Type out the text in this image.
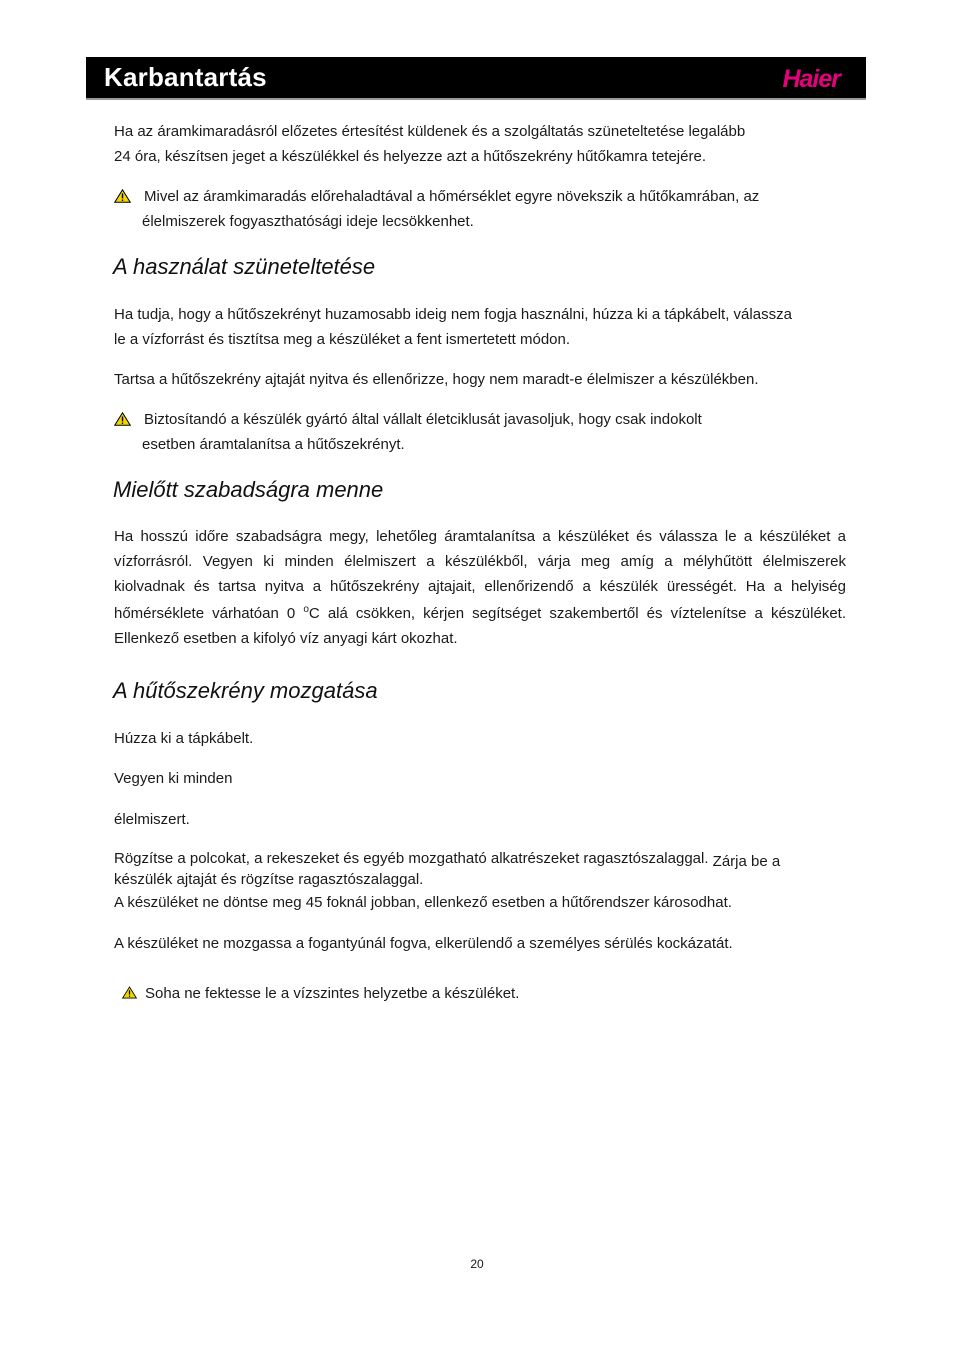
Karbantartás	Haier
Ha az áramkimaradásról előzetes értesítést küldenek és a szolgáltatás szüneteltetése legalább
24 óra, készítsen jeget a készülékkel és helyezze azt a hűtőszekrény hűtőkamra tetejére.
Mivel az áramkimaradás előrehaladtával a hőmérséklet egyre növekszik a hűtőkamrában, az
élelmiszerek fogyaszthatósági ideje lecsökkenhet.
A használat szüneteltetése
Ha tudja, hogy a hűtőszekrényt huzamosabb ideig nem fogja használni, húzza ki a tápkábelt, válassza
le a vízforrást és tisztítsa meg a készüléket a fent ismertetett módon.
Tartsa a hűtőszekrény ajtaját nyitva és ellenőrizze, hogy nem maradt-e élelmiszer a készülékben.
Biztosítandó a készülék gyártó által vállalt életciklusát javasoljuk, hogy csak indokolt
esetben áramtalanítsa a hűtőszekrényt.
Mielőtt szabadságra menne
Ha hosszú időre szabadságra megy, lehetőleg áramtalanítsa a készüléket és válassza le a készüléket a
vízforrásról. Vegyen ki minden élelmiszert a készülékből, várja meg amíg a mélyhűtött élelmiszerek
kiolvadnak és tartsa nyitva a hűtőszekrény ajtajait, ellenőrizendő a készülék ürességét. Ha a helyiség
hőmérséklete várhatóan 0 $^o$C alá csökken, kérjen segítséget szakembertől és víztelenítse a készüléket.
Ellenkező esetben a kifolyó víz anyagi kárt okozhat.
A hűtőszekrény mozgatása
Húzza ki a tápkábelt.
Vegyen ki minden
élelmiszert.
Rögzítse a polcokat, a rekeszeket és egyéb mozgatható alkatrészeket ragasztószalaggal. Zárja be a
készülék ajtaját és rögzítse ragasztószalaggal.
A készüléket ne döntse meg 45 foknál jobban, ellenkező esetben a hűtőrendszer károsodhat.
A készüléket ne mozgassa a fogantyúnál fogva, elkerülendő a személyes sérülés kockázatát.
Soha ne fektesse le a vízszintes helyzetbe a készüléket.
20
